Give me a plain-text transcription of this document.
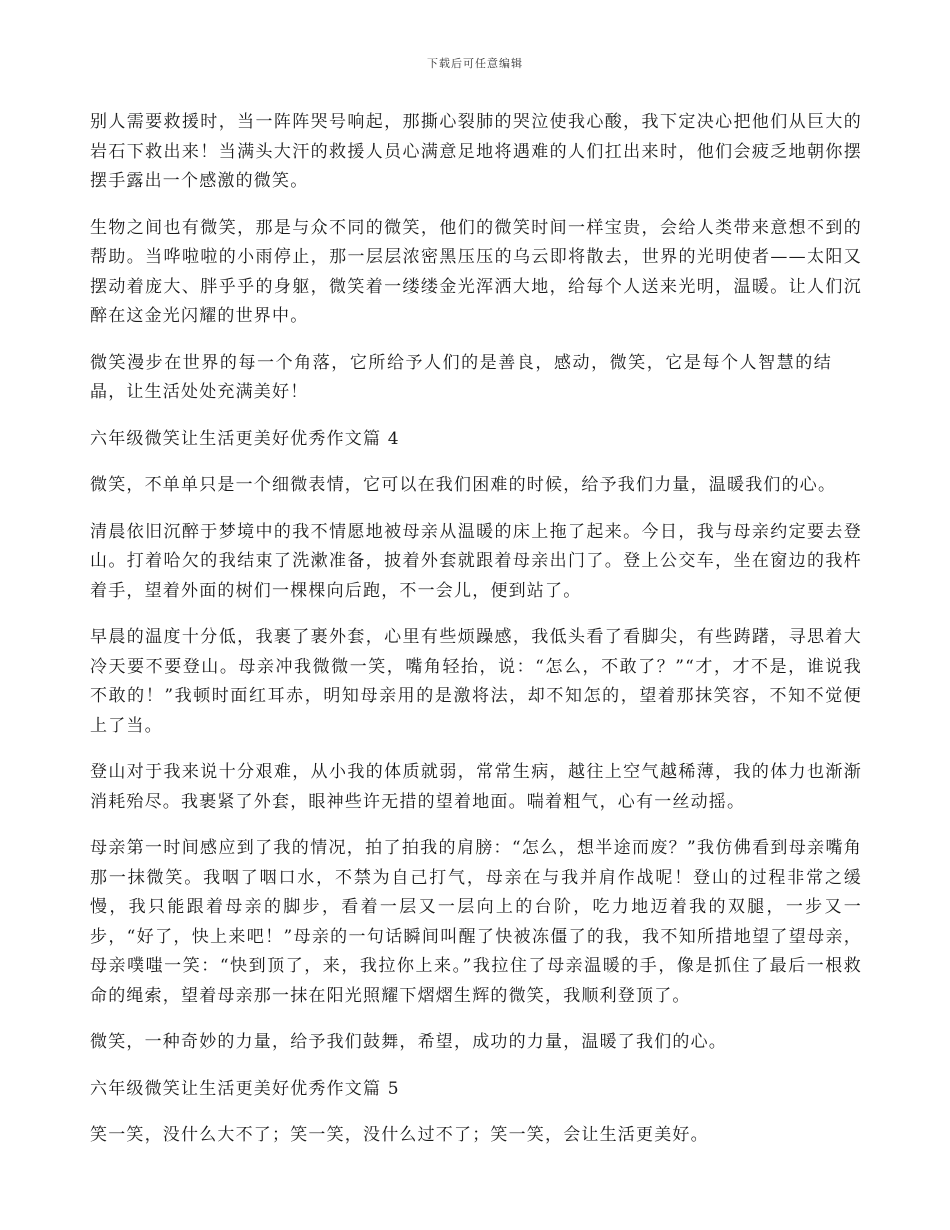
下载后可任意编辑

别人需要救援时，当一阵阵哭号响起，那撕心裂肺的哭泣使我心酸，我下定决心把他们从巨大的岩石下救出来！当满头大汗的救援人员心满意足地将遇难的人们扛出来时，他们会疲乏地朝你摆摆手露出一个感激的微笑。

生物之间也有微笑，那是与众不同的微笑，他们的微笑时间一样宝贵，会给人类带来意想不到的帮助。当哗啦啦的小雨停止，那一层层浓密黑压压的乌云即将散去，世界的光明使者——太阳又摆动着庞大、胖乎乎的身躯，微笑着一缕缕金光浑洒大地，给每个人送来光明，温暖。让人们沉醉在这金光闪耀的世界中。

微笑漫步在世界的每一个角落，它所给予人们的是善良，感动，微笑，它是每个人智慧的结晶，让生活处处充满美好！

六年级微笑让生活更美好优秀作文篇 4

微笑，不单单只是一个细微表情，它可以在我们困难的时候，给予我们力量，温暖我们的心。

清晨依旧沉醉于梦境中的我不情愿地被母亲从温暖的床上拖了起来。今日，我与母亲约定要去登山。打着哈欠的我结束了洗漱准备，披着外套就跟着母亲出门了。登上公交车，坐在窗边的我杵着手，望着外面的树们一棵棵向后跑，不一会儿，便到站了。

早晨的温度十分低，我裹了裹外套，心里有些烦躁感，我低头看了看脚尖，有些踌躇，寻思着大冷天要不要登山。母亲冲我微微一笑，嘴角轻抬，说：“怎么，不敢了？”“才，才不是，谁说我不敢的！”我顿时面红耳赤，明知母亲用的是激将法，却不知怎的，望着那抹笑容，不知不觉便上了当。

登山对于我来说十分艰难，从小我的体质就弱，常常生病，越往上空气越稀薄，我的体力也渐渐消耗殆尽。我裹紧了外套，眼神些许无措的望着地面。喘着粗气，心有一丝动摇。

母亲第一时间感应到了我的情况，拍了拍我的肩膀：“怎么，想半途而废？”我仿佛看到母亲嘴角那一抹微笑。我咽了咽口水，不禁为自己打气，母亲在与我并肩作战呢！登山的过程非常之缓慢，我只能跟着母亲的脚步，看着一层又一层向上的台阶，吃力地迈着我的双腿，一步又一步，“好了，快上来吧！”母亲的一句话瞬间叫醒了快被冻僵了的我，我不知所措地望了望母亲，母亲噗嗤一笑：“快到顶了，来，我拉你上来。”我拉住了母亲温暖的手，像是抓住了最后一根救命的绳索，望着母亲那一抹在阳光照耀下熠熠生辉的微笑，我顺利登顶了。

微笑，一种奇妙的力量，给予我们鼓舞，希望，成功的力量，温暖了我们的心。

六年级微笑让生活更美好优秀作文篇 5

笑一笑，没什么大不了；笑一笑，没什么过不了；笑一笑，会让生活更美好。
